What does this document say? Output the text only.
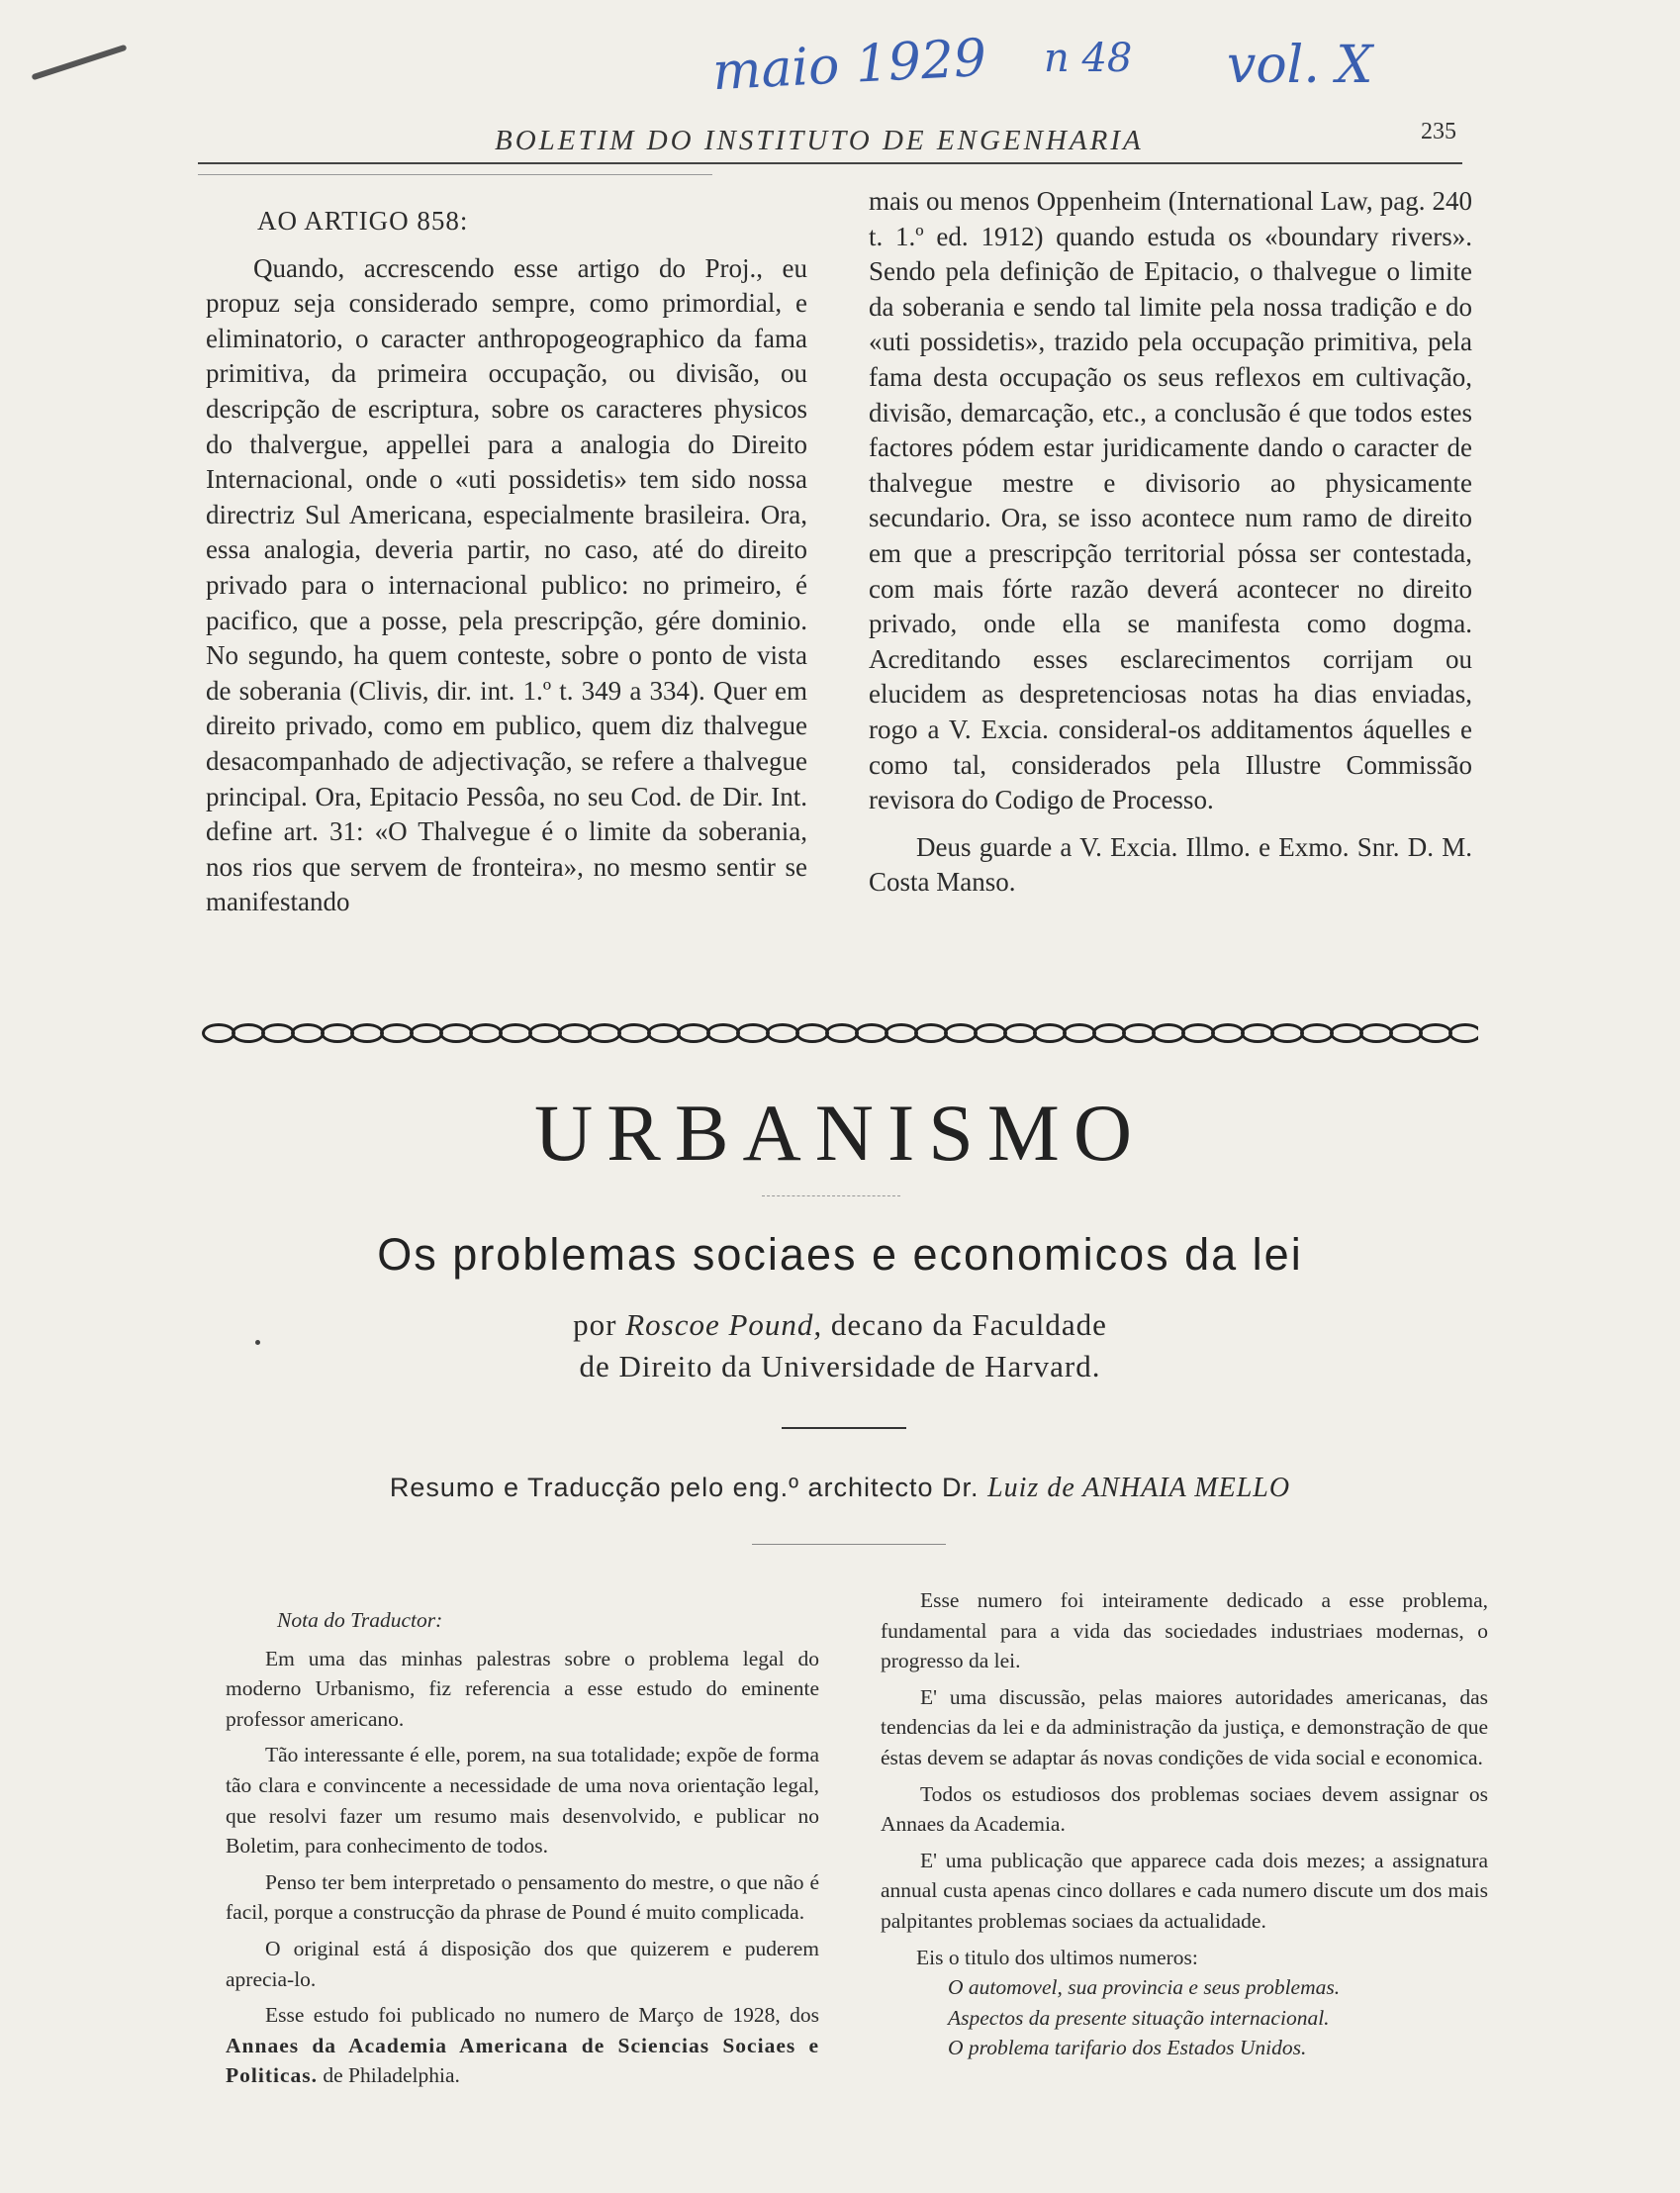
maio 1929 n 48 vol. X
BOLETIM DO INSTITUTO DE ENGENHARIA	235

AO ARTIGO 858:

Quando, accrescendo esse artigo do Proj., eu propuz seja considerado sempre, como primordial, e eliminatorio, o caracter anthropogeographico da fama primitiva, da primeira occupação, ou divisão, ou descripção de escriptura, sobre os caracteres physicos do thalvergue, appellei para a analogia do Direito Internacional, onde o «uti possidetis» tem sido nossa directriz Sul Americana, especialmente brasileira. Ora, essa analogia, deveria partir, no caso, até do direito privado para o internacional publico: no primeiro, é pacifico, que a posse, pela prescripção, gére dominio. No segundo, ha quem conteste, sobre o ponto de vista de soberania (Clivis, dir. int. 1.º t. 349 a 334). Quer em direito privado, como em publico, quem diz thalvegue desacompanhado de adjectivação, se refere a thalvegue principal. Ora, Epitacio Pessôa, no seu Cod. de Dir. Int. define art. 31: «O Thalvegue é o limite da soberania, nos rios que servem de fronteira», no mesmo sentir se manifestando

mais ou menos Oppenheim (International Law, pag. 240 t. 1.º ed. 1912) quando estuda os «boundary rivers». Sendo pela definição de Epitacio, o thalvegue o limite da soberania e sendo tal limite pela nossa tradição e do «uti possidetis», trazido pela occupação primitiva, pela fama desta occupação os seus reflexos em cultivação, divisão, demarcação, etc., a conclusão é que todos estes factores pódem estar juridicamente dando o caracter de thalvegue mestre e divisorio ao physicamente secundario. Ora, se isso acontece num ramo de direito em que a prescripção territorial póssa ser contestada, com mais fórte razão deverá acontecer no direito privado, onde ella se manifesta como dogma. Acreditando esses esclarecimentos corrijam ou elucidem as despretenciosas notas ha dias enviadas, rogo a V. Excia. consideral-os additamentos áquelles e como tal, considerados pela Illustre Commissão revisora do Codigo de Processo.

Deus guarde a V. Excia. Illmo. e Exmo. Snr. D. M. Costa Manso.

URBANISMO
Os problemas sociaes e economicos da lei
por Roscoe Pound, decano da Faculdade
de Direito da Universidade de Harvard.
Resumo e Traducção pelo eng.º architecto Dr. Luiz de ANHAIA MELLO

Nota do Traductor:

Em uma das minhas palestras sobre o problema legal do moderno Urbanismo, fiz referencia a esse estudo do eminente professor americano.

Tão interessante é elle, porem, na sua totalidade; expõe de forma tão clara e convincente a necessidade de uma nova orientação legal, que resolvi fazer um resumo mais desenvolvido, e publicar no Boletim, para conhecimento de todos.

Penso ter bem interpretado o pensamento do mestre, o que não é facil, porque a construcção da phrase de Pound é muito complicada.

O original está á disposição dos que quizerem e puderem aprecia-lo.

Esse estudo foi publicado no numero de Março de 1928, dos Annaes da Academia Americana de Sciencias Sociaes e Politicas. de Philadelphia.

Esse numero foi inteiramente dedicado a esse problema, fundamental para a vida das sociedades industriaes modernas, o progresso da lei.

E' uma discussão, pelas maiores autoridades americanas, das tendencias da lei e da administração da justiça, e demonstração de que éstas devem se adaptar ás novas condições de vida social e economica.

Todos os estudiosos dos problemas sociaes devem assignar os Annaes da Academia.

E' uma publicação que apparece cada dois mezes; a assignatura annual custa apenas cinco dollares e cada numero discute um dos mais palpitantes problemas sociaes da actualidade.

Eis o titulo dos ultimos numeros:

O automovel, sua provincia e seus problemas.

Aspectos da presente situação internacional.

O problema tarifario dos Estados Unidos.
